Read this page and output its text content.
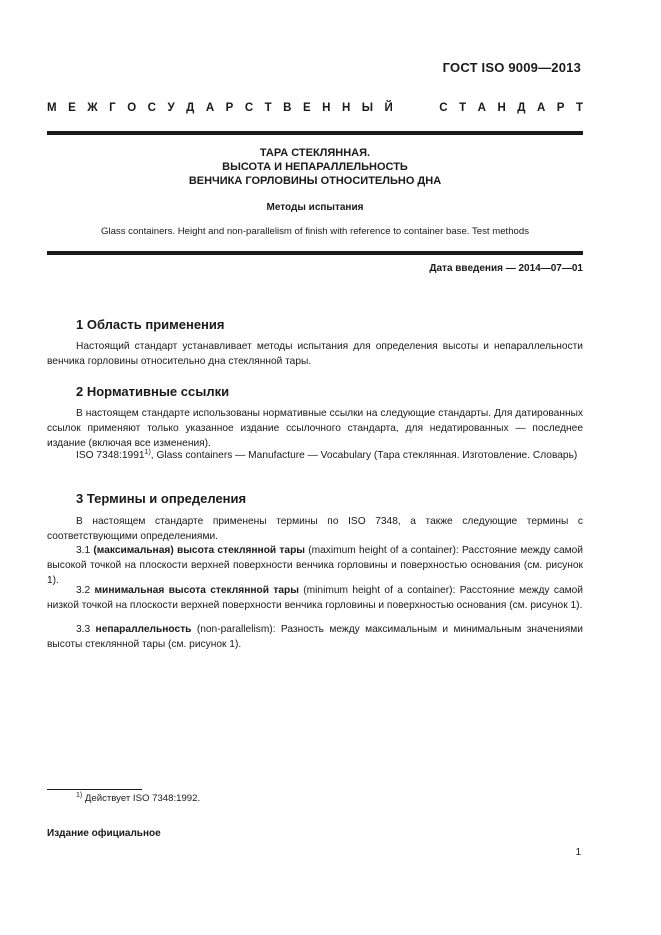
ГОСТ ISO 9009—2013
М Е Ж Г О С У Д А Р С Т В Е Н Н Ы Й	С Т А Н Д А Р Т
ТАРА СТЕКЛЯННАЯ.
ВЫСОТА И НЕПАРАЛЛЕЛЬНОСТЬ
ВЕНЧИКА ГОРЛОВИНЫ ОТНОСИТЕЛЬНО ДНА
Методы испытания
Glass containers. Height and non-parallelism of finish with reference to container base. Test methods
Дата введения — 2014—07—01
1 Область применения

Настоящий стандарт устанавливает методы испытания для определения высоты и непараллельности венчика горловины относительно дна стеклянной тары.

2 Нормативные ссылки

В настоящем стандарте использованы нормативные ссылки на следующие стандарты. Для датированных ссылок применяют только указанное издание ссылочного стандарта, для недатированных — последнее издание (включая все изменения).

ISO 7348:1991$^{1)}$, Glass containers — Manufacture — Vocabulary (Тара стеклянная. Изготовление. Словарь)

3 Термины и определения

В настоящем стандарте применены термины по ISO 7348, а также следующие термины с соответствующими определениями.

3.1 (максимальная) высота стеклянной тары (maximum height of a container): Расстояние между самой высокой точкой на плоскости верхней поверхности венчика горловины и поверхностью основания (см. рисунок 1).

3.2 минимальная высота стеклянной тары (minimum height of a container): Расстояние между самой низкой точкой на плоскости верхней поверхности венчика горловины и поверхностью основания (см. рисунок 1).

3.3 непараллельность (non-parallelism): Разность между максимальным и минимальным значениями высоты стеклянной тары (см. рисунок 1).

$^{1)}$ Действует ISO 7348:1992.
Издание официальное
1
